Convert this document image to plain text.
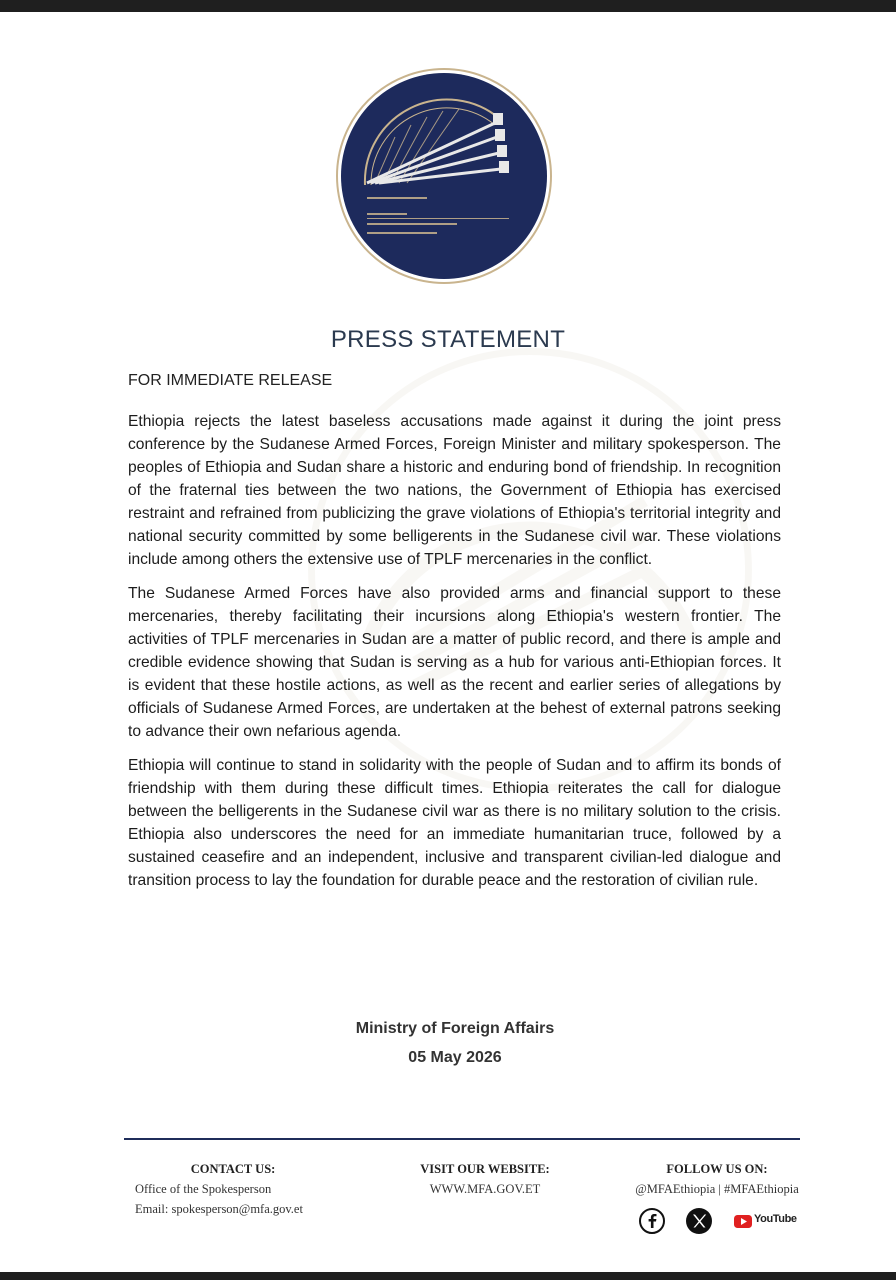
PRESS STATEMENT
FOR IMMEDIATE RELEASE

Ethiopia rejects the latest baseless accusations made against it during the joint press conference by the Sudanese Armed Forces, Foreign Minister and military spokesperson. The peoples of Ethiopia and Sudan share a historic and enduring bond of friendship. In recognition of the fraternal ties between the two nations, the Government of Ethiopia has exercised restraint and refrained from publicizing the grave violations of Ethiopia's territorial integrity and national security committed by some belligerents in the Sudanese civil war. These violations include among others the extensive use of TPLF mercenaries in the conflict.

The Sudanese Armed Forces have also provided arms and financial support to these mercenaries, thereby facilitating their incursions along Ethiopia's western frontier. The activities of TPLF mercenaries in Sudan are a matter of public record, and there is ample and credible evidence showing that Sudan is serving as a hub for various anti-Ethiopian forces. It is evident that these hostile actions, as well as the recent and earlier series of allegations by officials of Sudanese Armed Forces, are undertaken at the behest of external patrons seeking to advance their own nefarious agenda.

Ethiopia will continue to stand in solidarity with the people of Sudan and to affirm its bonds of friendship with them during these difficult times. Ethiopia reiterates the call for dialogue between the belligerents in the Sudanese civil war as there is no military solution to the crisis. Ethiopia also underscores the need for an immediate humanitarian truce, followed by a sustained ceasefire and an independent, inclusive and transparent civilian-led dialogue and transition process to lay the foundation for durable peace and the restoration of civilian rule.

Ministry of Foreign Affairs
05 May 2026
CONTACT US:
Office of the Spokesperson
Email: spokesperson@mfa.gov.et
VISIT OUR WEBSITE:
WWW.MFA.GOV.ET
FOLLOW US ON:
@MFAEthiopia | #MFAEthiopia
YouTube
